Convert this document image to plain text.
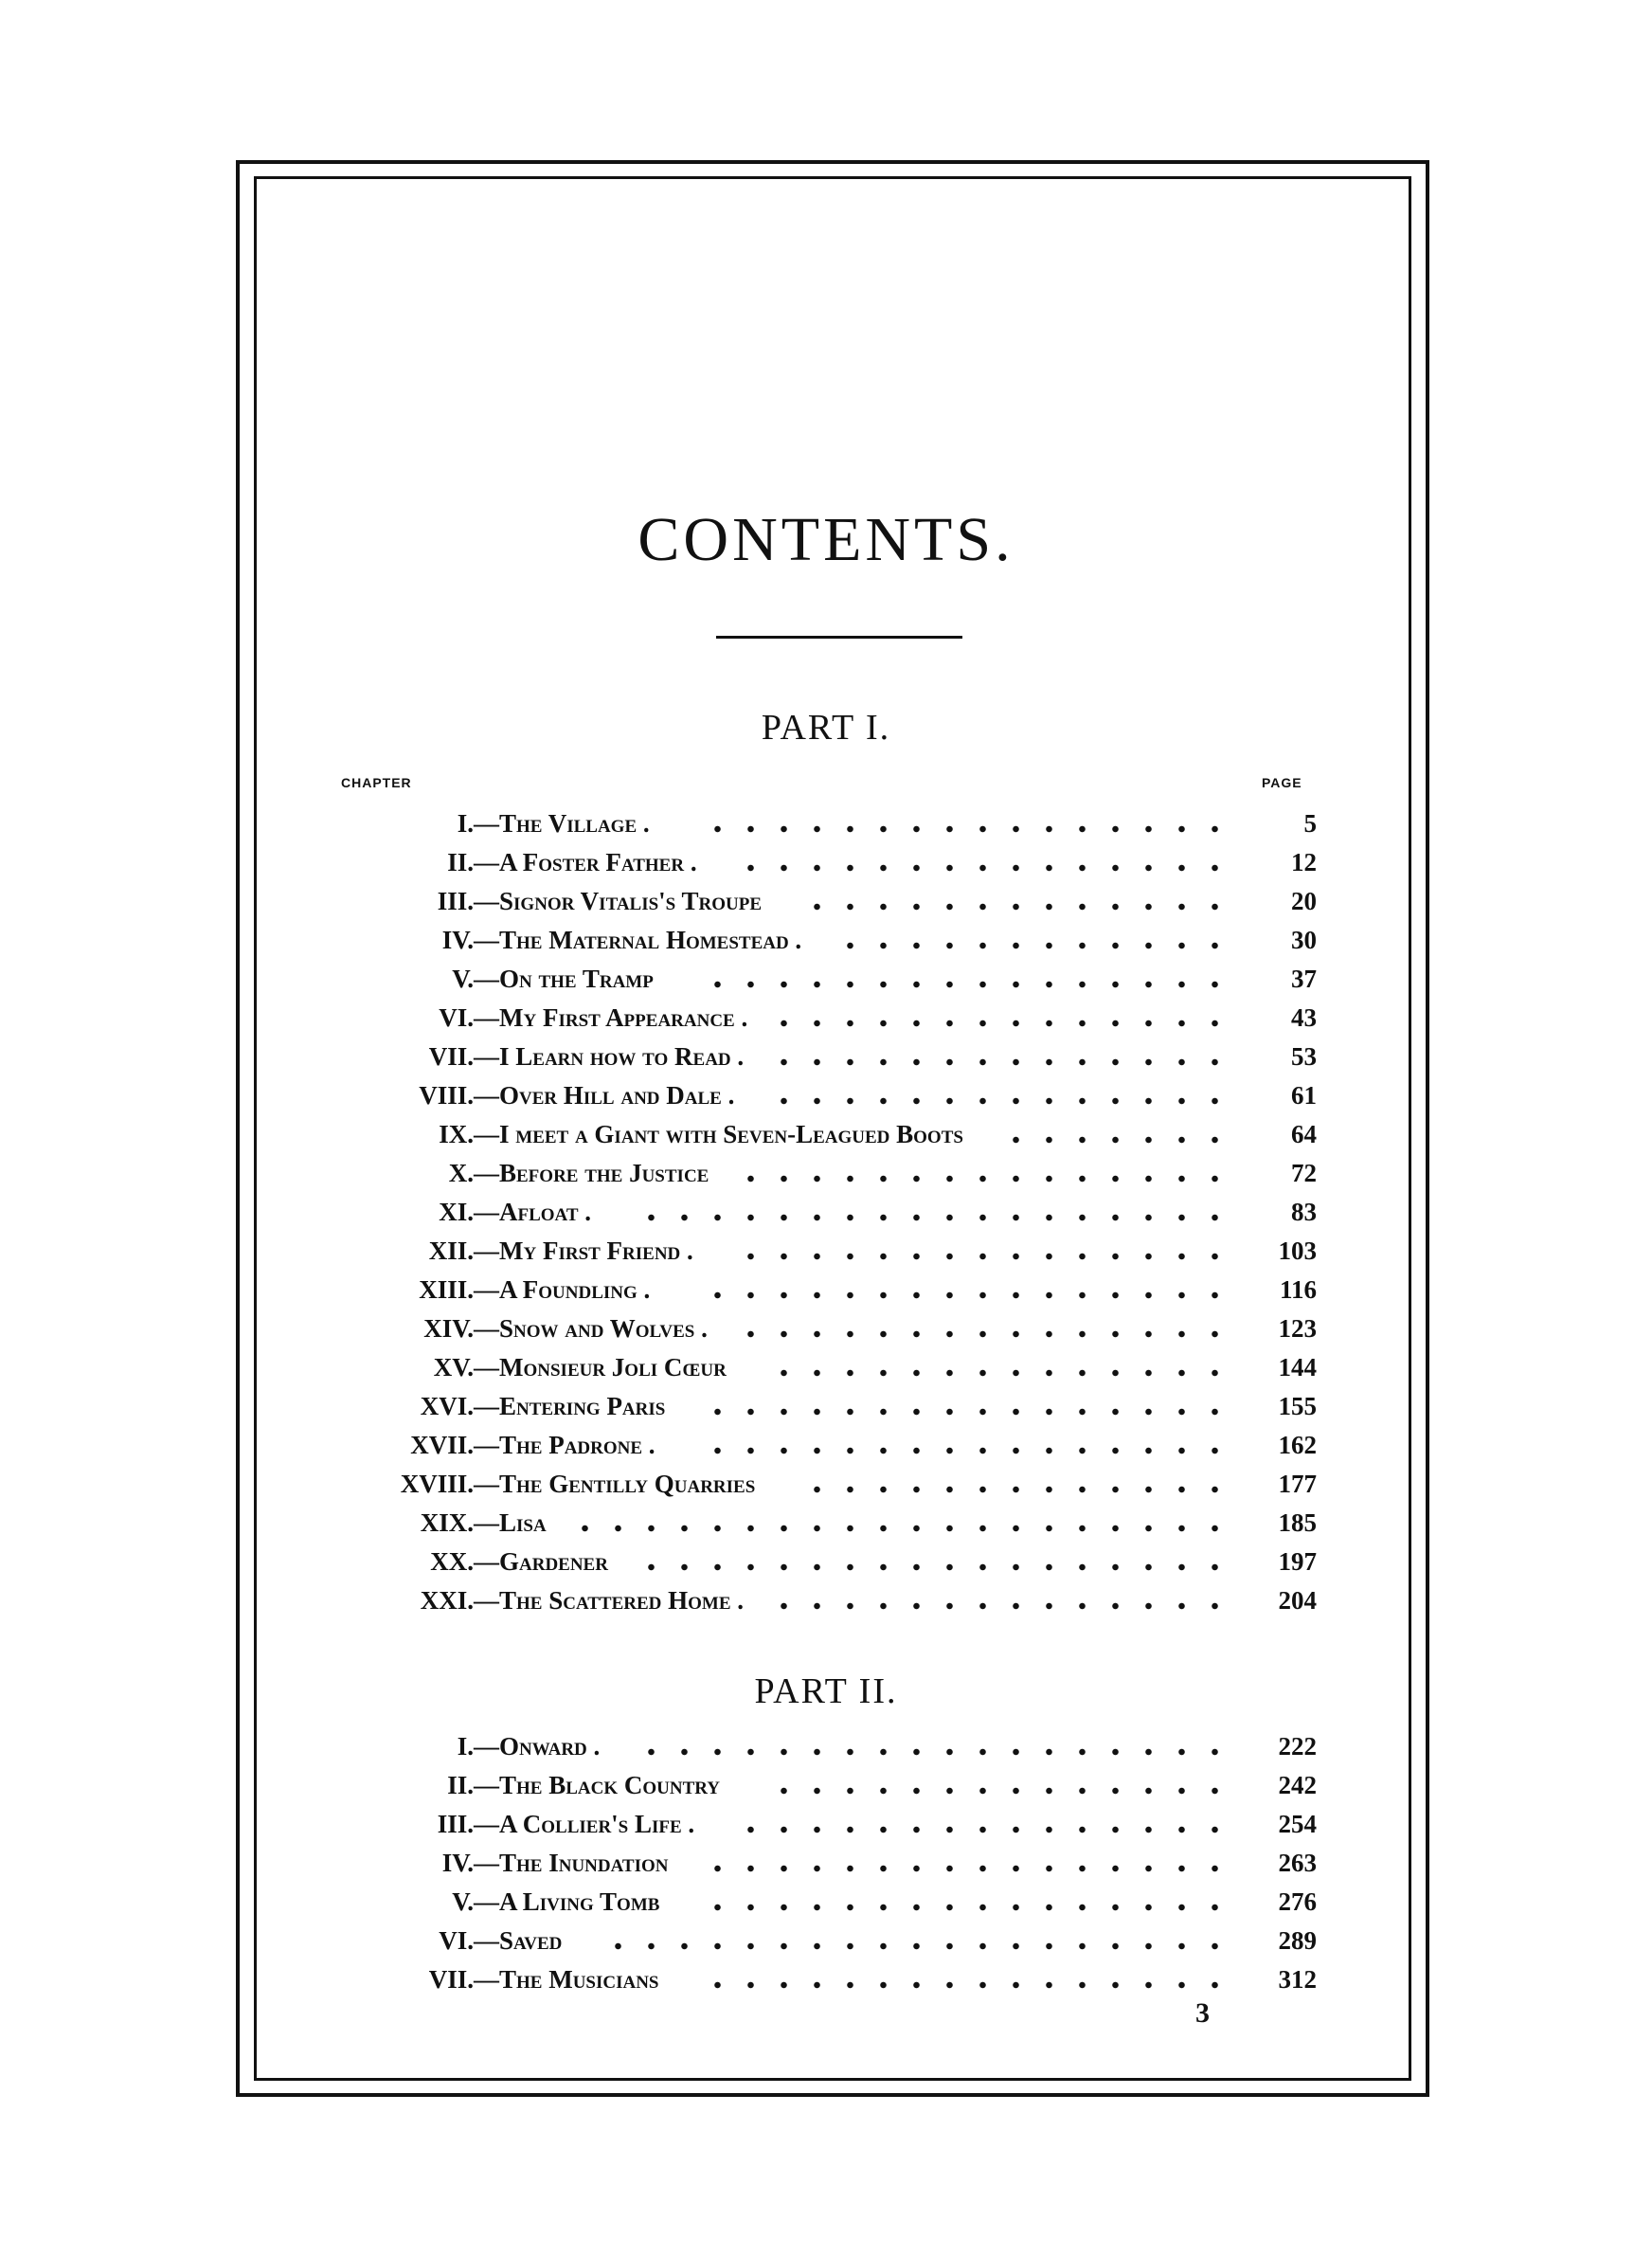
CONTENTS.
PART I.
CHAPTER	PAGE
I.—The Village .	5
II.—A Foster Father .	12
III.—Signor Vitalis's Troupe	20
IV.—The Maternal Homestead .	30
V.—On the Tramp	37
VI.—My First Appearance .	43
VII.—I Learn how to Read .	53
VIII.—Over Hill and Dale .	61
IX.—I meet a Giant with Seven-Leagued Boots	64
X.—Before the Justice	72
XI.—Afloat .	83
XII.—My First Friend .	103
XIII.—A Foundling .	116
XIV.—Snow and Wolves .	123
XV.—Monsieur Joli Cœur	144
XVI.—Entering Paris	155
XVII.—The Padrone .	162
XVIII.—The Gentilly Quarries	177
XIX.—Lisa	185
XX.—Gardener	197
XXI.—The Scattered Home .	204
PART II.
I.—Onward .	222
II.—The Black Country	242
III.—A Collier's Life .	254
IV.—The Inundation	263
V.—A Living Tomb	276
VI.—Saved	289
VII.—The Musicians	312
3
